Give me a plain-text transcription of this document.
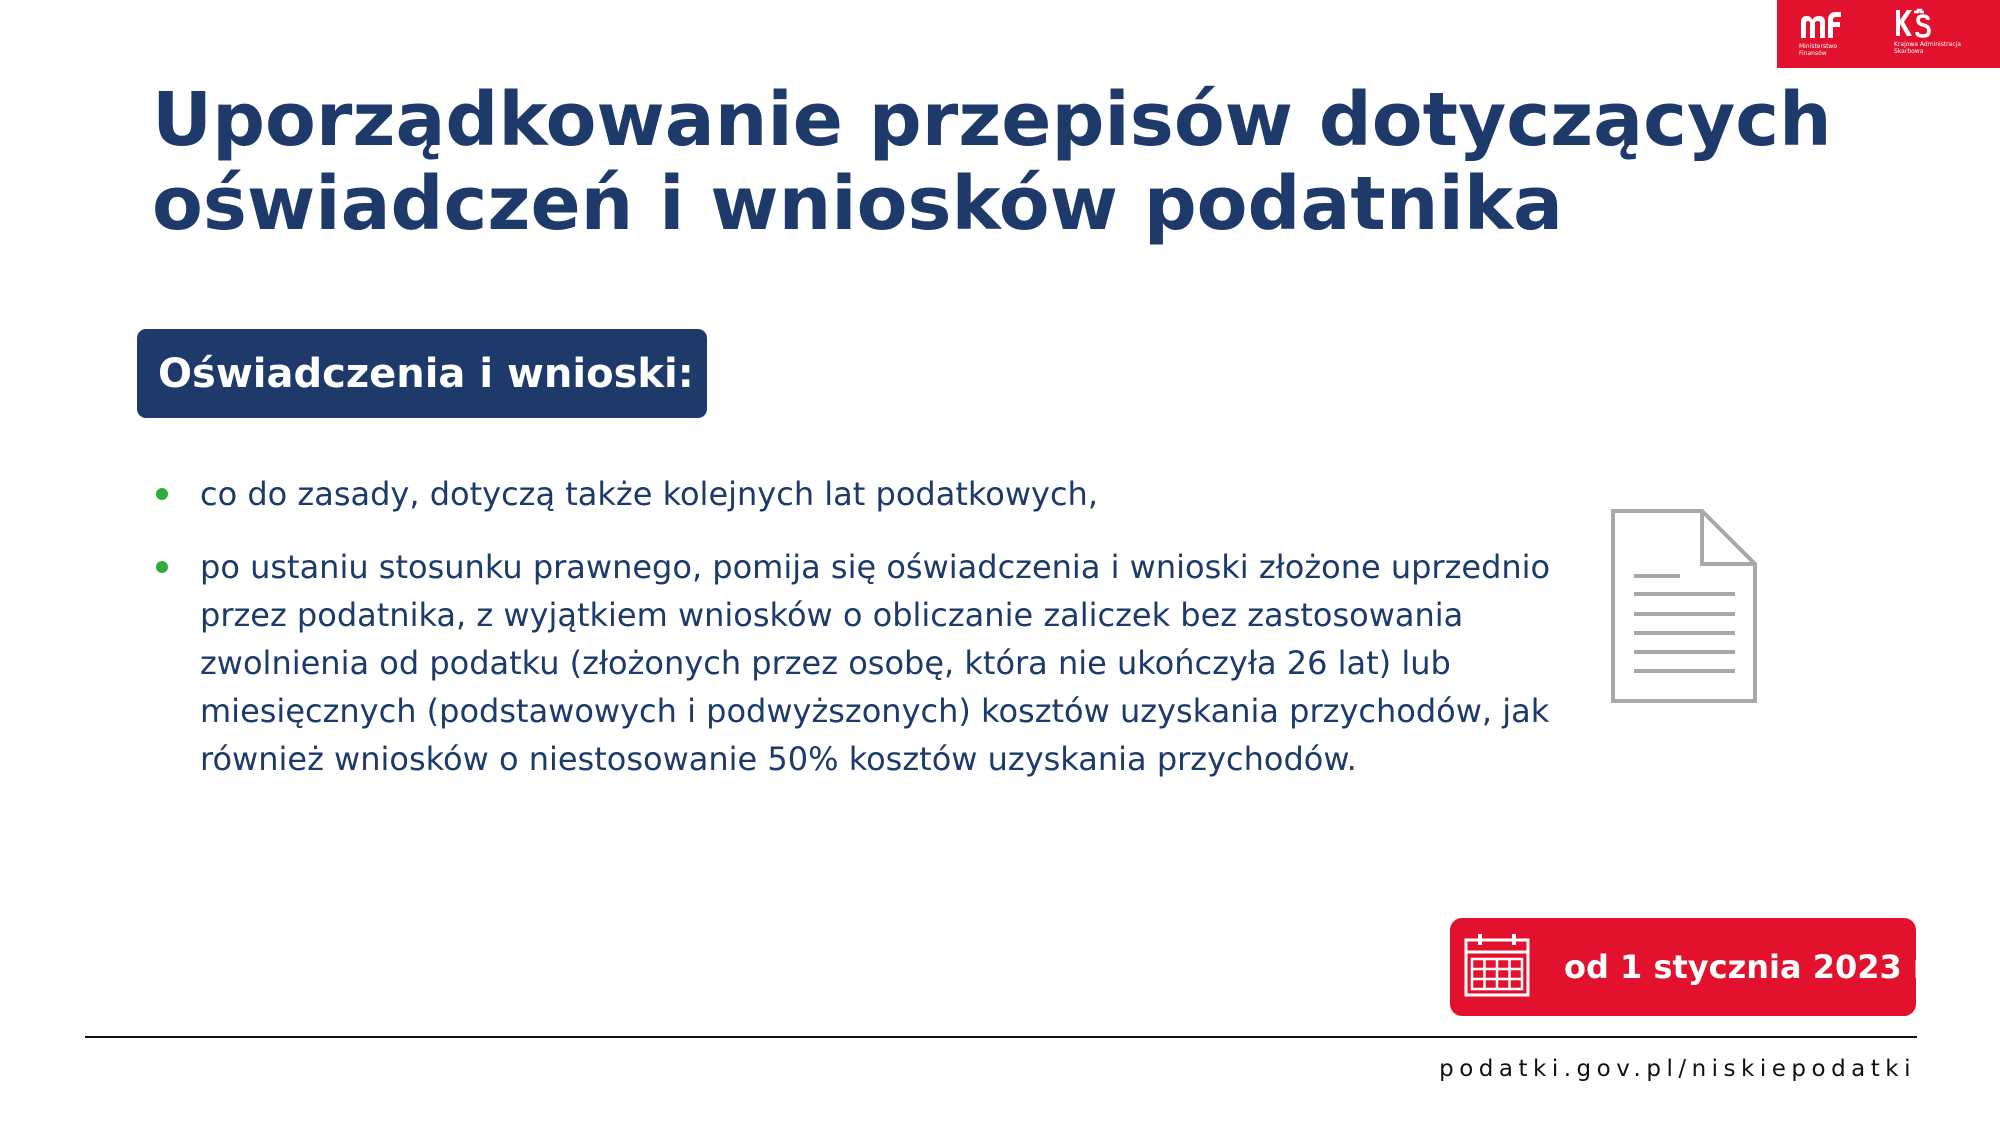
Ministerstwo
Finansów
Krajowa Administracja
Skarbowa
Uporządkowanie przepisów dotyczących
oświadczeń i wniosków podatnika
Oświadczenia i wnioski:
co do zasady, dotyczą także kolejnych lat podatkowych,
po ustaniu stosunku prawnego, pomija się oświadczenia i wnioski złożone uprzednio
przez podatnika, z wyjątkiem wniosków o obliczanie zaliczek bez zastosowania
zwolnienia od podatku (złożonych przez osobę, która nie ukończyła 26 lat) lub
miesięcznych (podstawowych i podwyższonych) kosztów uzyskania przychodów, jak
również wniosków o niestosowanie 50% kosztów uzyskania przychodów.
od 1 stycznia 2023 r.
podatki.gov.pl/niskiepodatki
